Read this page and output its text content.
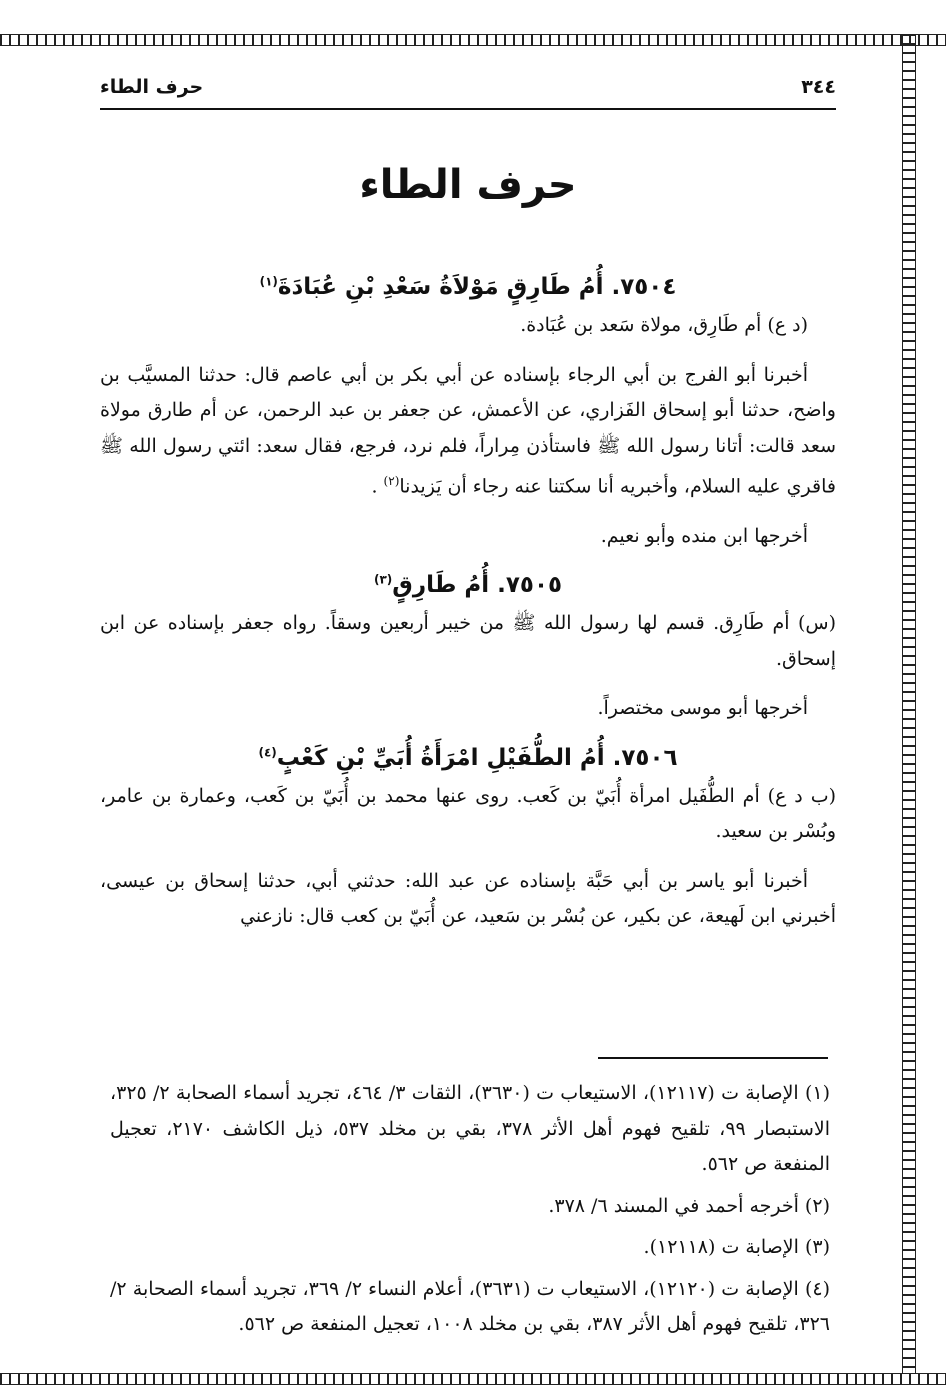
٣٤٤
حرف الطاء
حرف الطاء
٧٥٠٤. أُمُ طَارِقٍ مَوْلاَةُ سَعْدِ بْنِ عُبَادَةَ$^{(١)}$

(د ع) أم طَارِق، مولاة سَعد بن عُبَادة.

أخبرنا أبو الفرج بن أبي الرجاء بإسناده عن أبي بكر بن أبي عاصم قال: حدثنا المسيَّب بن واضح، حدثنا أبو إسحاق الفَزاري، عن الأعمش، عن جعفر بن عبد الرحمن، عن أم طارق مولاة سعد قالت: أتانا رسول الله ﷺ فاستأذن مِراراً، فلم نرد، فرجع، فقال سعد: ائتي رسول الله ﷺ فاقري عليه السلام، وأخبريه أنا سكتنا عنه رجاء أن يَزيدنا$^{(٢)}$ .

أخرجها ابن منده وأبو نعيم.

٧٥٠٥. أُمُ طَارِقٍ$^{(٣)}$

(س) أم طَارِق. قسم لها رسول الله ﷺ من خيبر أربعين وسقاً. رواه جعفر بإسناده عن ابن إسحاق.

أخرجها أبو موسى مختصراً.

٧٥٠٦. أُمُ الطُّفَيْلِ امْرَأَةُ أُبَيِّ بْنِ كَعْبٍ$^{(٤)}$

(ب د ع) أم الطُّفَيل امرأة أُبَيّ بن كَعب. روى عنها محمد بن أُبَيّ بن كَعب، وعمارة بن عامر، وبُسْر بن سعيد.

أخبرنا أبو ياسر بن أبي حَبَّة بإسناده عن عبد الله: حدثني أبي، حدثنا إسحاق بن عيسى، أخبرني ابن لَهيعة، عن بكير، عن بُسْر بن سَعيد، عن أُبَيّ بن كعب قال: نازعني

(١) الإصابة ت (١٢١١٧)، الاستيعاب ت (٣٦٣٠)، الثقات ٣/ ٤٦٤، تجريد أسماء الصحابة ٢/ ٣٢٥، الاستبصار ٩٩، تلقيح فهوم أهل الأثر ٣٧٨، بقي بن مخلد ٥٣٧، ذيل الكاشف ٢١٧٠، تعجيل المنفعة ص ٥٦٢.

(٢) أخرجه أحمد في المسند ٦/ ٣٧٨.

(٣) الإصابة ت (١٢١١٨).

(٤) الإصابة ت (١٢١٢٠)، الاستيعاب ت (٣٦٣١)، أعلام النساء ٢/ ٣٦٩، تجريد أسماء الصحابة ٢/ ٣٢٦، تلقيح فهوم أهل الأثر ٣٨٧، بقي بن مخلد ١٠٠٨، تعجيل المنفعة ص ٥٦٢.
